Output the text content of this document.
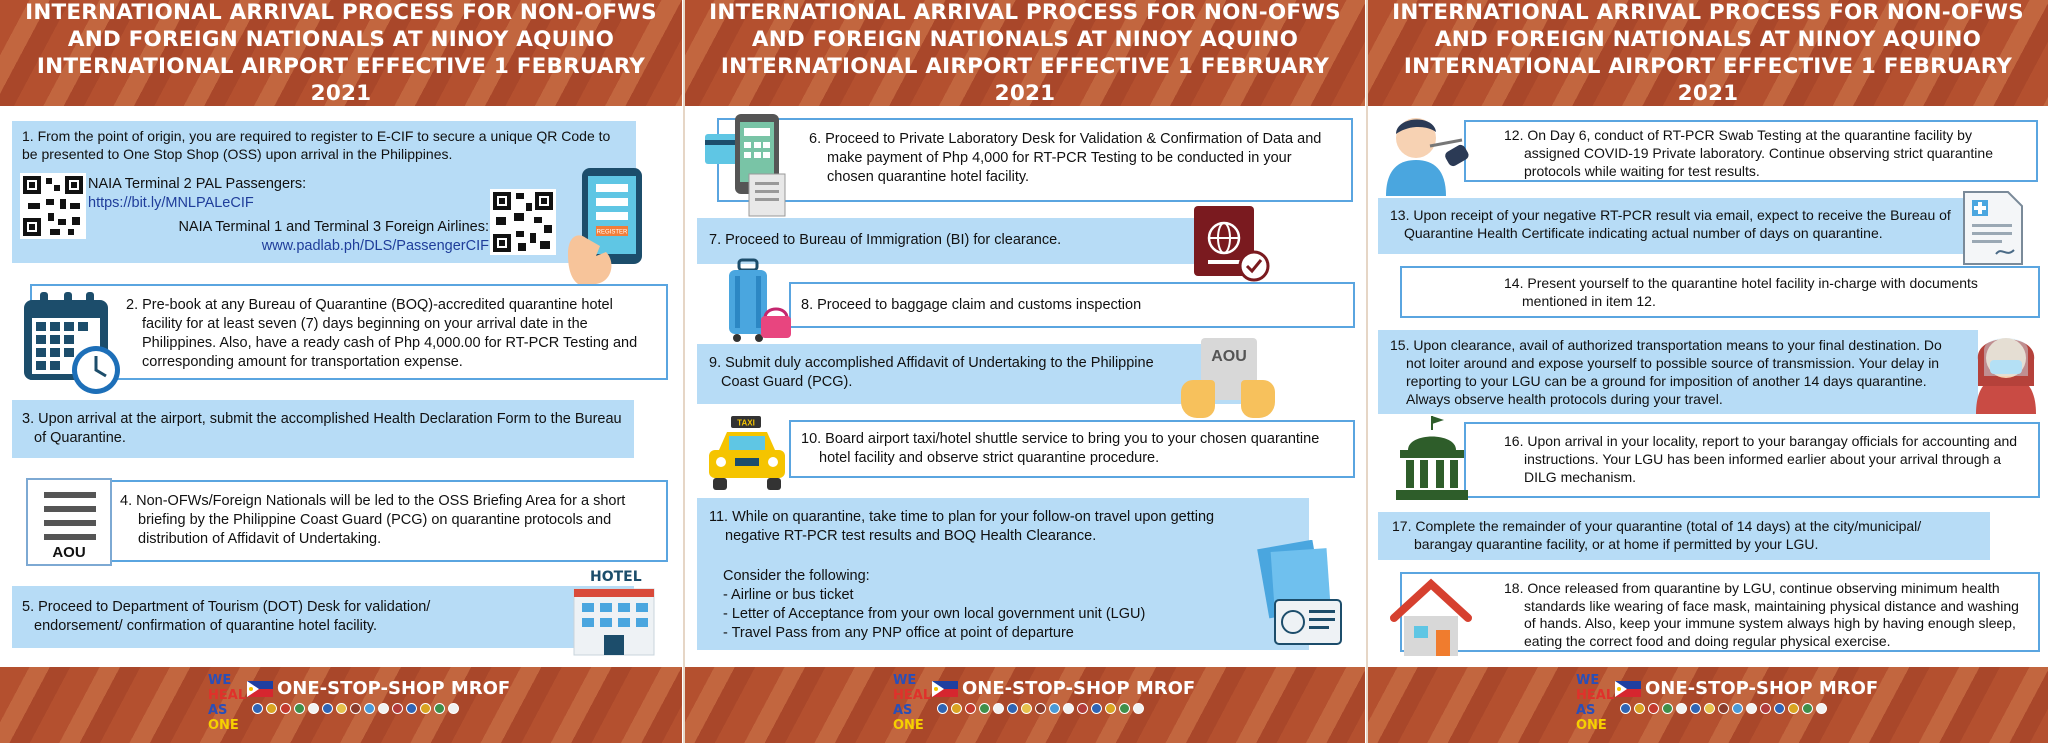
INTERNATIONAL ARRIVAL PROCESS FOR NON-OFWS AND FOREIGN NATIONALS AT NINOY AQUINO INTERNATIONAL AIRPORT EFFECTIVE 1 FEBRUARY 2021
1. From the point of origin, you are required to register to E-CIF to secure a unique QR Code to be presented to One Stop Shop (OSS) upon arrival in the Philippines.
NAIA Terminal 2 PAL Passengers:
https://bit.ly/MNLPALeCIF
NAIA Terminal 1 and Terminal 3 Foreign Airlines:
www.padlab.ph/DLS/PassengerCIF
REGISTER
2. Pre-book at any Bureau of Quarantine (BOQ)-accredited quarantine hotel facility for at least seven (7) days beginning on your arrival date in the Philippines. Also, have a ready cash of Php 4,000.00 for RT-PCR Testing and corresponding amount for transportation expense.
3. Upon arrival at the airport, submit the accomplished Health Declaration Form to the Bureau of Quarantine.
4. Non-OFWs/Foreign Nationals will be led to the OSS Briefing Area for a short briefing by the Philippine Coast Guard (PCG) on quarantine protocols and distribution of Affidavit of Undertaking.
AOU
5. Proceed to Department of Tourism (DOT) Desk for validation/ endorsement/ confirmation of quarantine hotel facility.
HOTEL
WE
HEAL
AS
ONE
ONE-STOP-SHOP MROF
INTERNATIONAL ARRIVAL PROCESS FOR NON-OFWS AND FOREIGN NATIONALS AT NINOY AQUINO INTERNATIONAL AIRPORT EFFECTIVE 1 FEBRUARY 2021
6. Proceed to Private Laboratory Desk for Validation & Confirmation of Data and make payment of Php 4,000 for RT-PCR Testing to be conducted in your chosen quarantine hotel facility.
7. Proceed to Bureau of Immigration (BI) for clearance.
8. Proceed to baggage claim and customs inspection
9. Submit duly accomplished Affidavit of Undertaking to the Philippine Coast Guard (PCG).
AOU
10. Board airport taxi/hotel shuttle service to bring you to your chosen quarantine hotel facility and observe strict quarantine procedure.
TAXI
11. While on quarantine, take time to plan for your follow-on travel upon getting negative RT-PCR test results and BOQ Health Clearance.
Consider the following:
- Airline or bus ticket
- Letter of Acceptance from your own local government unit (LGU)
- Travel Pass from any PNP office at point of departure
WE
HEAL
AS
ONE
ONE-STOP-SHOP MROF
INTERNATIONAL ARRIVAL PROCESS FOR NON-OFWS AND FOREIGN NATIONALS AT NINOY AQUINO INTERNATIONAL AIRPORT EFFECTIVE 1 FEBRUARY 2021
12. On Day 6, conduct of RT-PCR Swab Testing at the quarantine facility by assigned COVID-19 Private laboratory. Continue observing strict quarantine protocols while waiting for test results.
13. Upon receipt of your negative RT-PCR result via email, expect to receive the Bureau of Quarantine Health Certificate indicating actual number of days on quarantine.
14. Present yourself to the quarantine hotel facility in-charge with documents mentioned in item 12.
15. Upon clearance, avail of authorized transportation means to your final destination. Do not loiter around and expose yourself to possible source of transmission. Your delay in reporting to your LGU can be a ground for imposition of another 14 days quarantine. Always observe health protocols during your travel.
16. Upon arrival in your locality, report to your barangay officials for accounting and instructions. Your LGU has been informed earlier about your arrival through a DILG mechanism.
17. Complete the remainder of your quarantine (total of 14 days) at the city/municipal/ barangay quarantine facility, or at home if permitted by your LGU.
18. Once released from quarantine by LGU, continue observing minimum health standards like wearing of face mask, maintaining physical distance and washing of hands. Also, keep your immune system always high by having enough sleep, eating the correct food and doing regular physical exercise.
WE
HEAL
AS
ONE
ONE-STOP-SHOP MROF
